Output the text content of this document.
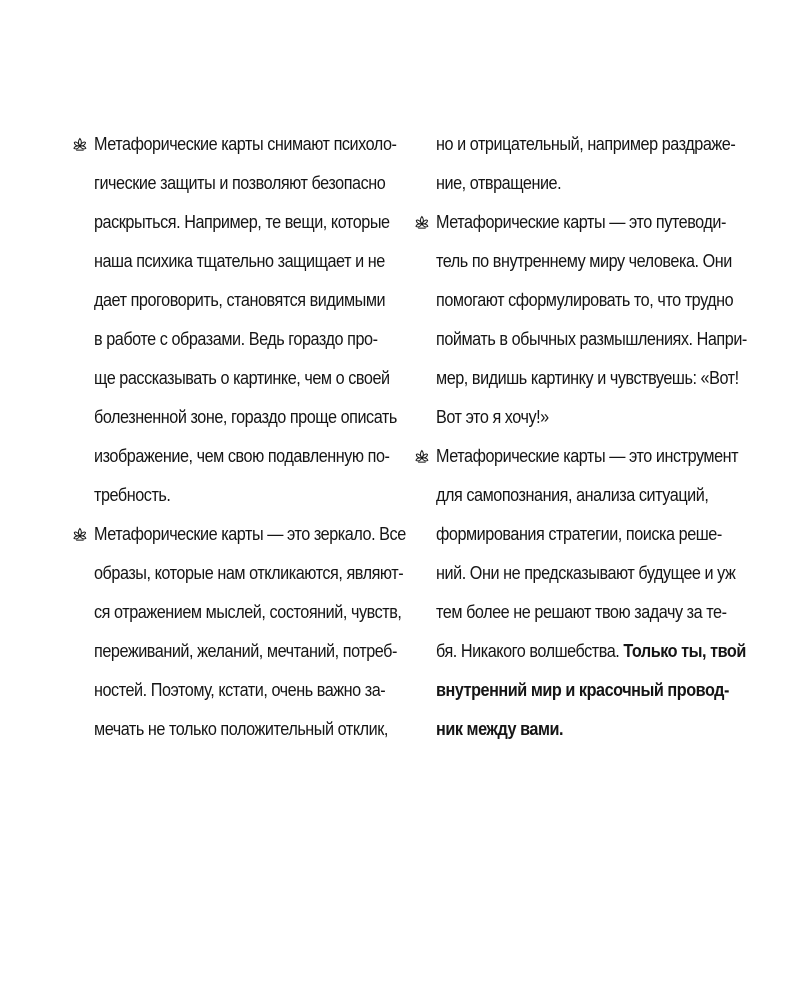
Метафорические карты снимают психоло-
гические защиты и позволяют безопасно
раскрыться. Например, те вещи, которые
наша психика тщательно защищает и не
дает проговорить, становятся видимыми
в работе с образами. Ведь гораздо про-
ще рассказывать о картинке, чем о своей
болезненной зоне, гораздо проще описать
изображение, чем свою подавленную по-
требность.
Метафорические карты — это зеркало. Все
образы, которые нам откликаются, являют-
ся отражением мыслей, состояний, чувств,
переживаний, желаний, мечтаний, потреб-
ностей. Поэтому, кстати, очень важно за-
мечать не только положительный отклик,
но и отрицательный, например раздраже-
ние, отвращение.
Метафорические карты — это путеводи-
тель по внутреннему миру человека. Они
помогают сформулировать то, что трудно
поймать в обычных размышлениях. Напри-
мер, видишь картинку и чувствуешь: «Вот!
Вот это я хочу!»
Метафорические карты — это инструмент
для самопознания, анализа ситуаций,
формирования стратегии, поиска реше-
ний. Они не предсказывают будущее и уж
тем более не решают твою задачу за те-
бя. Никакого волшебства. Только ты, твой
внутренний мир и красочный провод-
ник между вами.
